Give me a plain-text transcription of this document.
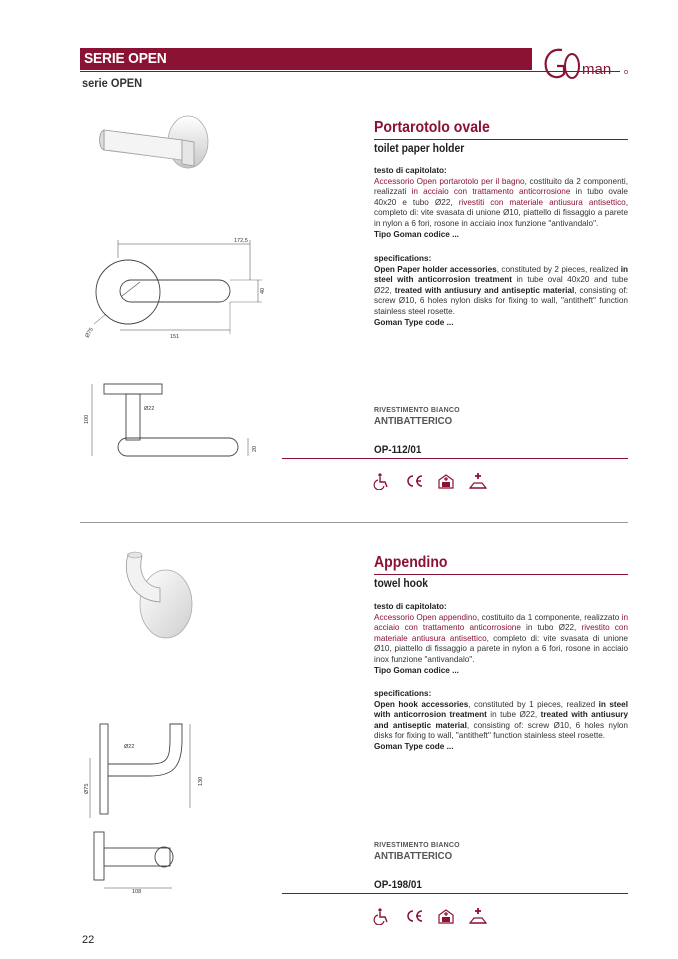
SERIE OPEN
serie OPEN
man
172,5
40
151
Ø75
Ø22
100
20
Portarotolo ovale
toilet paper holder
testo di capitolato:
Accessorio Open portarotolo per il bagno, costituito da 2 componenti, realizzati in acciaio con trattamento anticorrosione in tubo ovale 40x20 e tubo Ø22, rivestiti con materiale antiusura antisettico, completo di: vite svasata di unione Ø10, piattello di fissaggio a parete in nylon a 6 fori, rosone in acciaio inox funzione "antivandalo".
Tipo Goman codice ...
specifications:
Open Paper holder accessories, constituted by 2 pieces, realized in steel with anticorrosion treatment in tube oval 40x20 and tube Ø22, treated with antiusury and antiseptic material, consisting of: screw Ø10, 6 holes nylon disks for fixing to wall, "antitheft" function stainless steel rosette.
Goman Type code ...
RIVESTIMENTO BIANCO
ANTIBATTERICO
OP-112/01
Ø22
Ø75
130
108
Appendino
towel hook
testo di capitolato:
Accessorio Open appendino, costituito da 1 componente, realizzato in acciaio con trattamento anticorrosione in tubo Ø22, rivestito con materiale antiusura antisettico, completo di: vite svasata di unione Ø10, piattello di fissaggio a parete in nylon a 6 fori, rosone in acciaio inox funzione "antivandalo".
Tipo Goman codice ...
specifications:
Open hook accessories, constituted by 1 pieces, realized in steel with anticorrosion treatment in tube Ø22, treated with antiusury and antiseptic material, consisting of: screw Ø10, 6 holes nylon disks for fixing to wall, "antitheft" function stainless steel rosette.
Goman Type code ...
RIVESTIMENTO BIANCO
ANTIBATTERICO
OP-198/01
22
